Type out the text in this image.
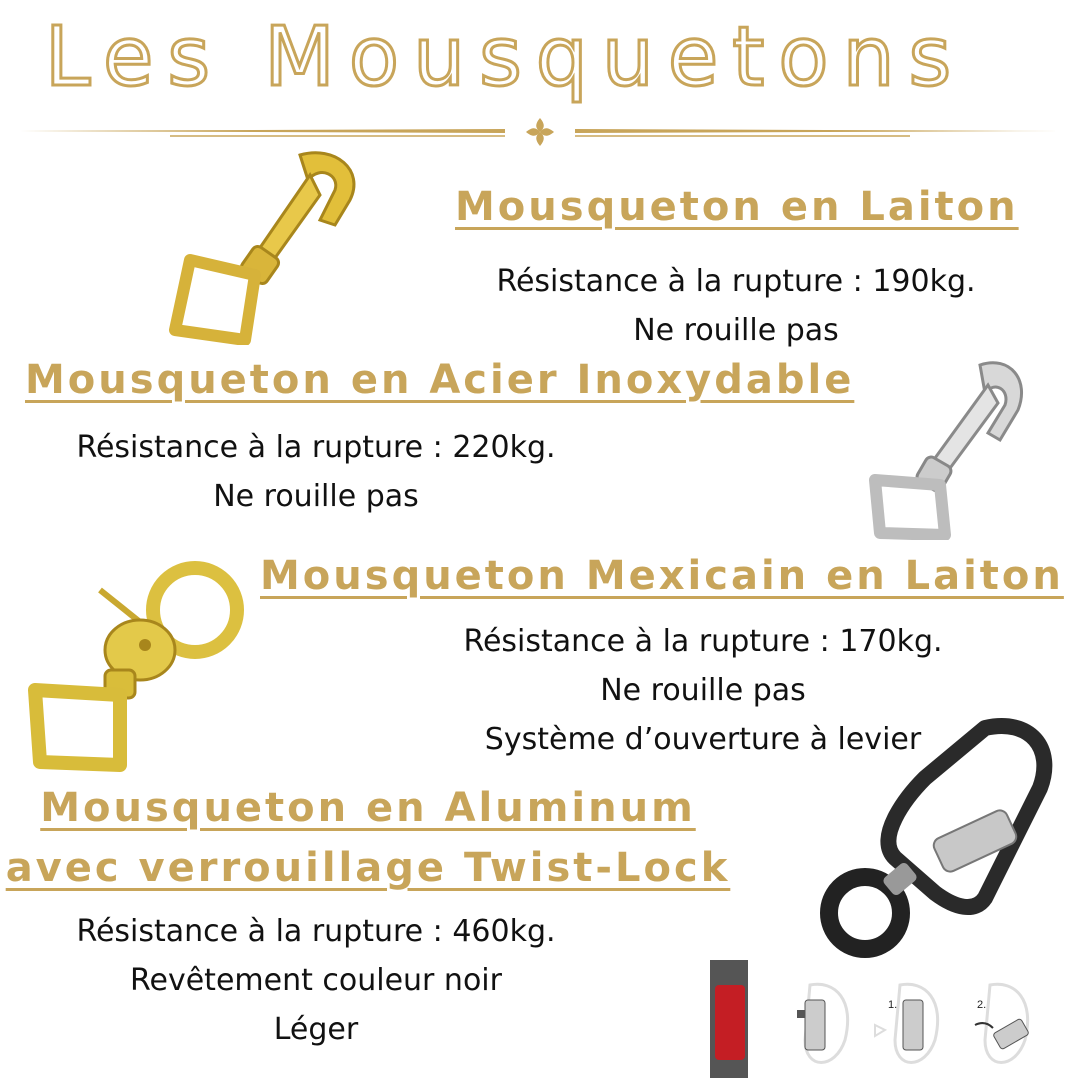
Les Mousquetons
Mousqueton en Laiton
Résistance à la rupture : 190kg.
Ne rouille pas
Mousqueton en Acier Inoxydable
Résistance à la rupture : 220kg.
Ne rouille pas
Mousqueton Mexicain en Laiton
Résistance à la rupture : 170kg.
Ne rouille pas
Système d’ouverture à levier
Mousqueton en Aluminum
avec verrouillage Twist-Lock
Résistance à la rupture : 460kg.
Revêtement couleur noir
Léger
1.	2.
